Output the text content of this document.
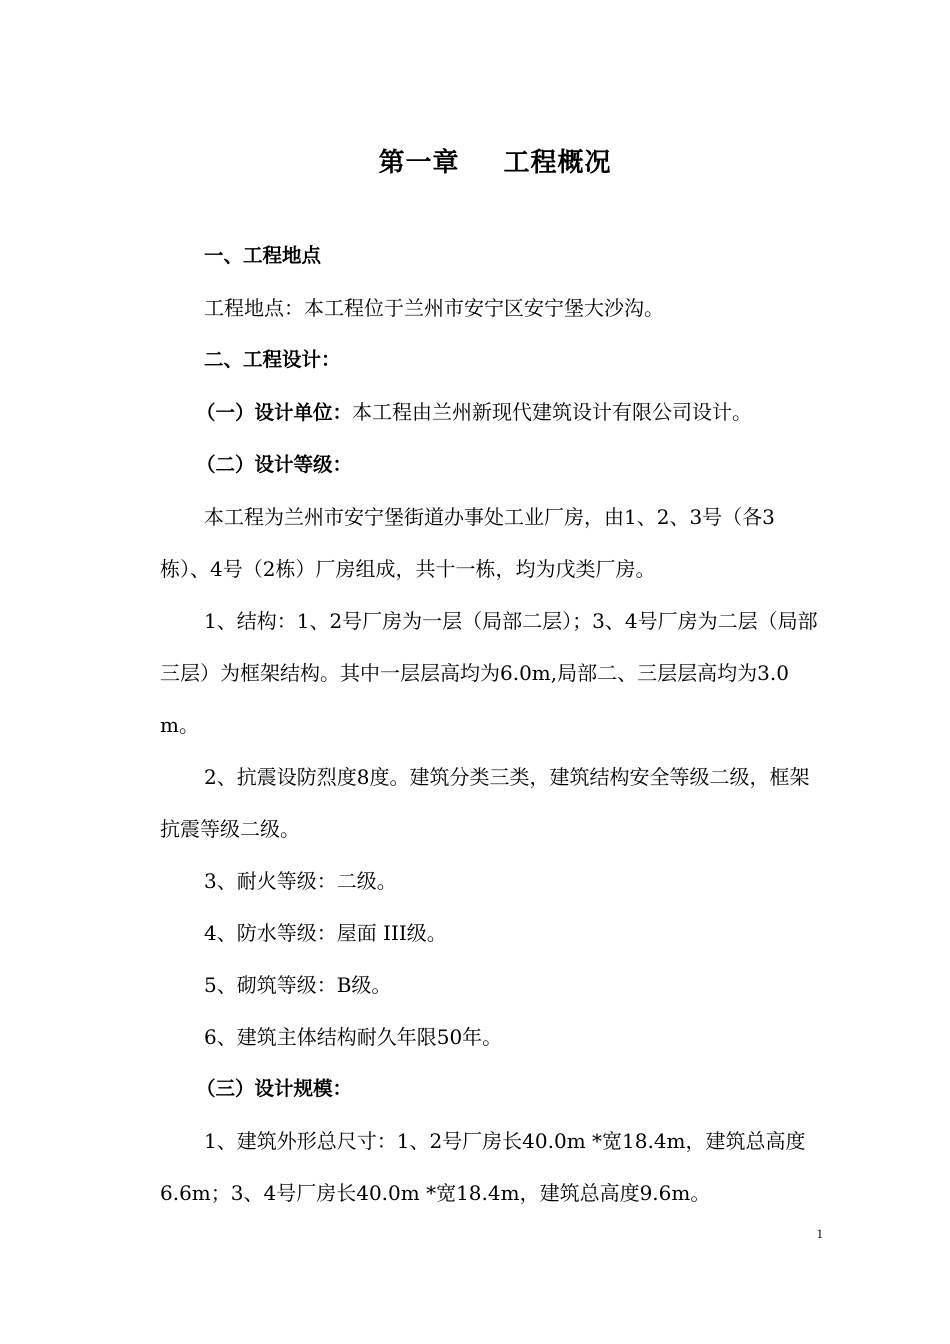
第一章 工程概况

一、工程地点

工程地点：本工程位于兰州市安宁区安宁堡大沙沟。

二、工程设计：

（一）设计单位：本工程由兰州新现代建筑设计有限公司设计。

（二）设计等级：

本工程为兰州市安宁堡街道办事处工业厂房，由1、2、3号（各3栋）、4号（2栋）厂房组成，共十一栋，均为戊类厂房。

1、结构：1、2号厂房为一层（局部二层）；3、4号厂房为二层（局部三层）为框架结构。其中一层层高均为6.0m,局部二、三层层高均为3.0m。

2、抗震设防烈度8度。建筑分类三类，建筑结构安全等级二级，框架抗震等级二级。

3、耐火等级：二级。

4、防水等级：屋面 III级。

5、砌筑等级：B级。

6、建筑主体结构耐久年限50年。

（三）设计规模：

1、建筑外形总尺寸：1、2号厂房长40.0m *宽18.4m，建筑总高度6.6m；3、4号厂房长40.0m *宽18.4m，建筑总高度9.6m。

1
